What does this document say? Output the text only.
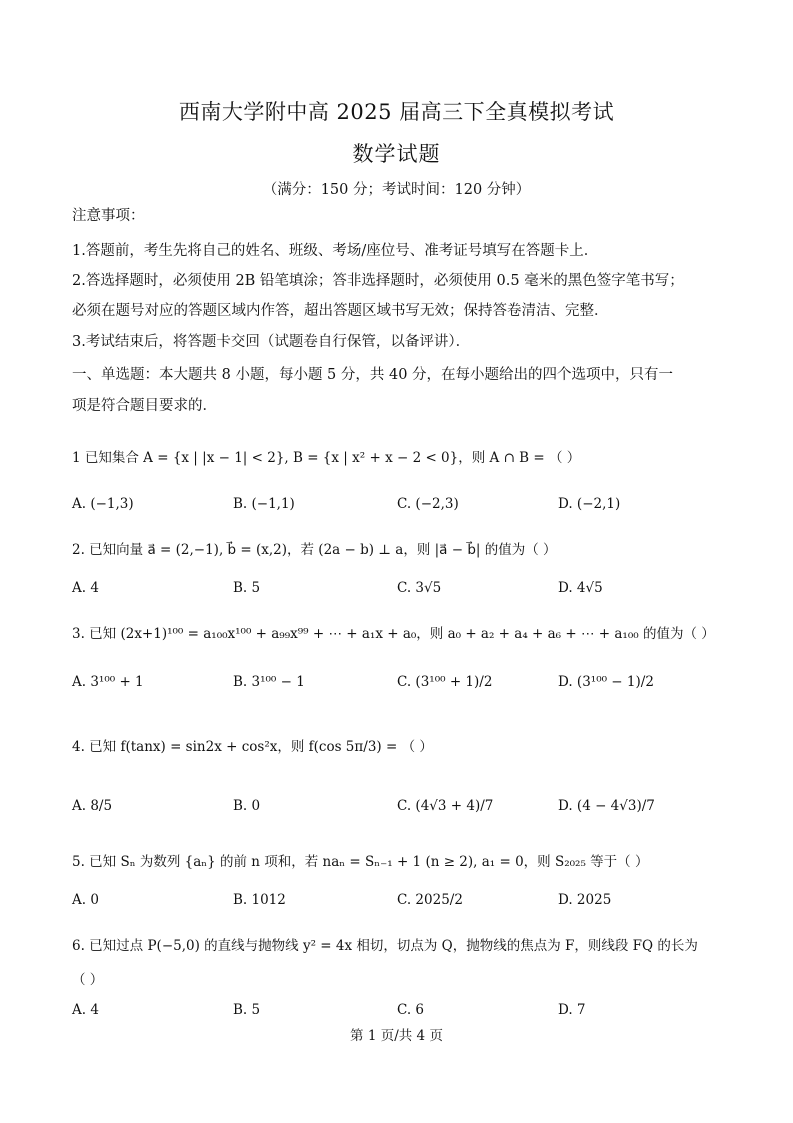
西南大学附中高 2025 届高三下全真模拟考试
数学试题
（满分：150 分；考试时间：120 分钟）
注意事项：
1.答题前，考生先将自己的姓名、班级、考场/座位号、准考证号填写在答题卡上．
2.答选择题时，必须使用 2B 铅笔填涂；答非选择题时，必须使用 0.5 毫米的黑色签字笔书写；
必须在题号对应的答题区域内作答，超出答题区域书写无效；保持答卷清洁、完整．
3.考试结束后，将答题卡交回（试题卷自行保管，以备评讲）．
一、单选题：本大题共 8 小题，每小题 5 分，共 40 分，在每小题给出的四个选项中，只有一
项是符合题目要求的．
1 已知集合 A = {x | |x − 1| < 2}, B = {x | x² + x − 2 < 0}，则 A ∩ B = （ ）
A. (−1,3)	B. (−1,1)	C. (−2,3)	D. (−2,1)
2. 已知向量 a⃗ = (2,−1), b⃗ = (x,2)，若 (2a − b) ⊥ a，则 |a⃗ − b⃗| 的值为（ ）
A. 4	B. 5	C. 3√5	D. 4√5
3. 已知 (2x+1)¹⁰⁰ = a₁₀₀x¹⁰⁰ + a₉₉x⁹⁹ + ⋯ + a₁x + a₀，则 a₀ + a₂ + a₄ + a₆ + ⋯ + a₁₀₀ 的值为（ ）
A. 3¹⁰⁰ + 1	B. 3¹⁰⁰ − 1	C. (3¹⁰⁰ + 1)/2	D. (3¹⁰⁰ − 1)/2
4. 已知 f(tanx) = sin2x + cos²x，则 f(cos 5π/3) = （ ）
A. 8/5	B. 0	C. (4√3 + 4)/7	D. (4 − 4√3)/7
5. 已知 Sₙ 为数列 {aₙ} 的前 n 项和，若 naₙ = Sₙ₋₁ + 1 (n ≥ 2), a₁ = 0，则 S₂₀₂₅ 等于（ ）
A. 0	B. 1012	C. 2025/2	D. 2025
6. 已知过点 P(−5,0) 的直线与抛物线 y² = 4x 相切，切点为 Q，抛物线的焦点为 F，则线段 FQ 的长为
（ ）
A. 4	B. 5	C. 6	D. 7
第 1 页/共 4 页
